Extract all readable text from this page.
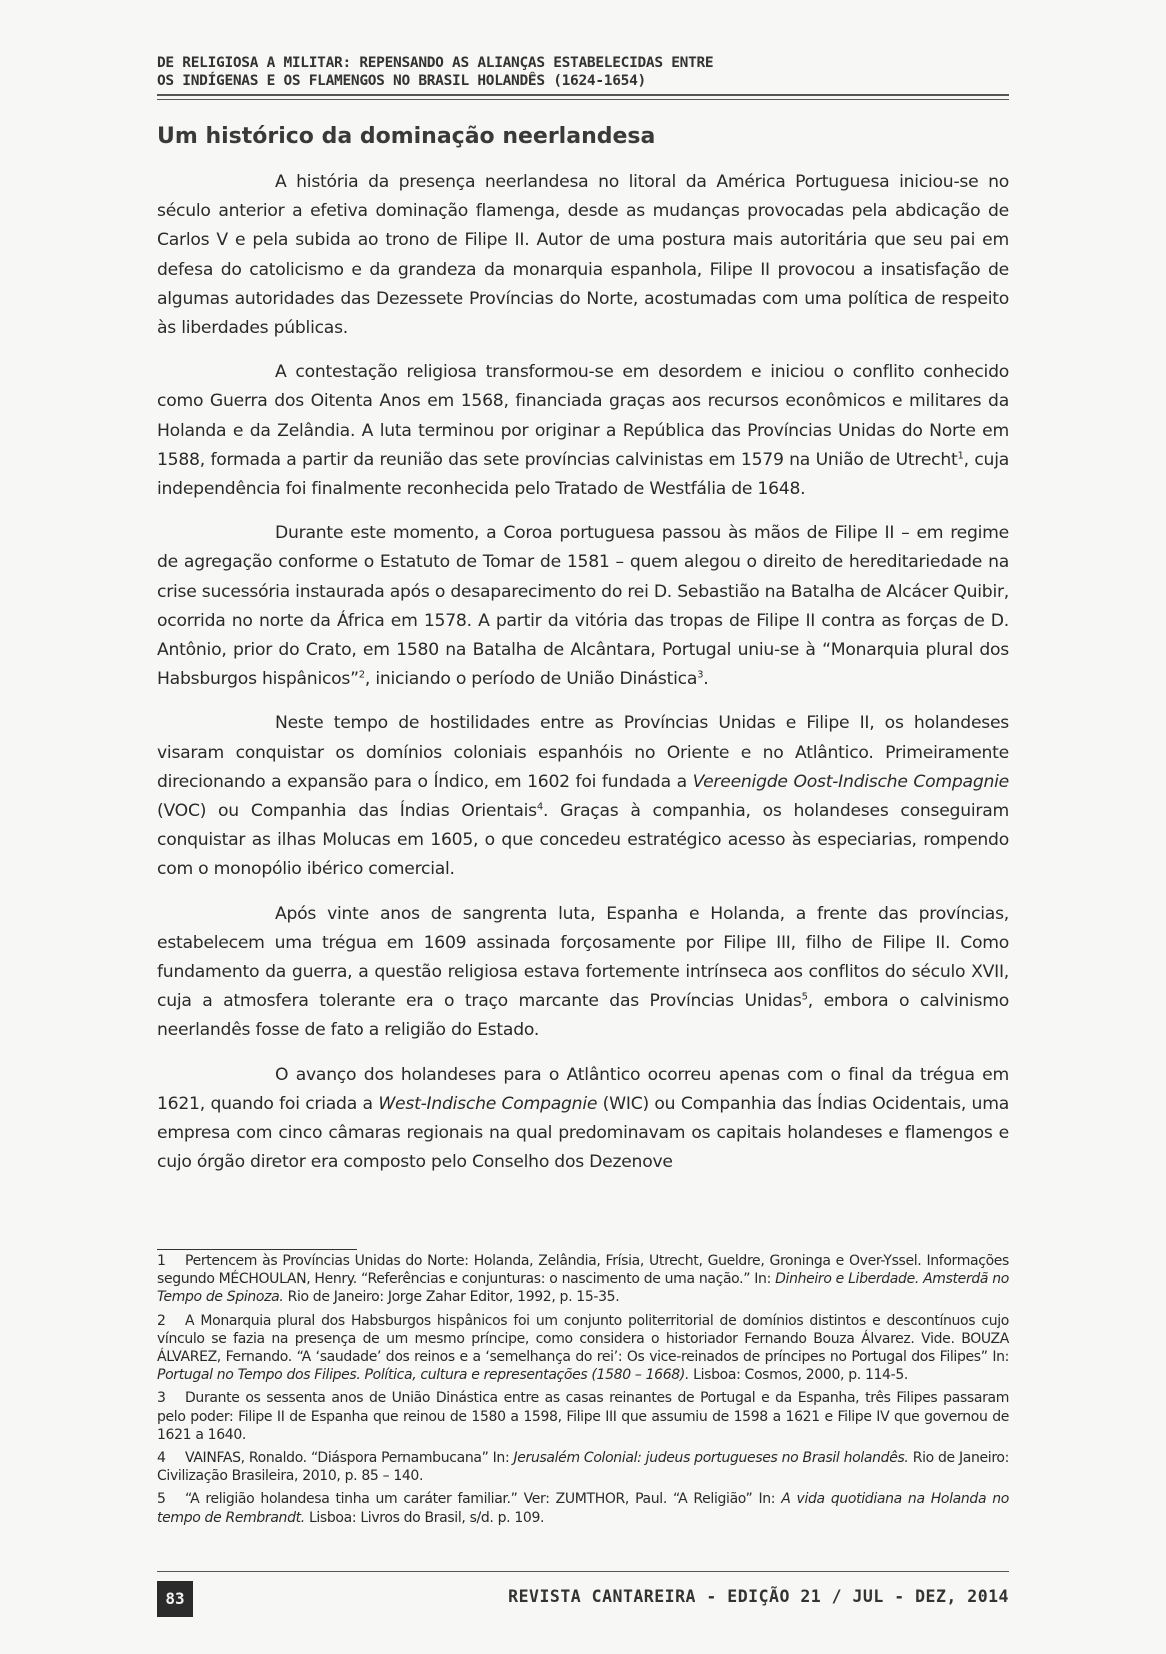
DE RELIGIOSA A MILITAR: REPENSANDO AS ALIANÇAS ESTABELECIDAS ENTRE
OS INDÍGENAS E OS FLAMENGOS NO BRASIL HOLANDÊS (1624-1654)
Um histórico da dominação neerlandesa

A história da presença neerlandesa no litoral da América Portuguesa iniciou-se no século anterior a efetiva dominação flamenga, desde as mudanças provocadas pela abdicação de Carlos V e pela subida ao trono de Filipe II. Autor de uma postura mais autoritária que seu pai em defesa do catolicismo e da grandeza da monarquia espanhola, Filipe II provocou a insatisfação de algumas autoridades das Dezessete Províncias do Norte, acostumadas com uma política de respeito às liberdades públicas.

A contestação religiosa transformou-se em desordem e iniciou o conflito conhecido como Guerra dos Oitenta Anos em 1568, financiada graças aos recursos econômicos e militares da Holanda e da Zelândia. A luta terminou por originar a República das Províncias Unidas do Norte em 1588, formada a partir da reunião das sete províncias calvinistas em 1579 na União de Utrecht$^1$, cuja independência foi finalmente reconhecida pelo Tratado de Westfália de 1648.

Durante este momento, a Coroa portuguesa passou às mãos de Filipe II – em regime de agregação conforme o Estatuto de Tomar de 1581 – quem alegou o direito de hereditariedade na crise sucessória instaurada após o desaparecimento do rei D. Sebastião na Batalha de Alcácer Quibir, ocorrida no norte da África em 1578. A partir da vitória das tropas de Filipe II contra as forças de D. Antônio, prior do Crato, em 1580 na Batalha de Alcântara, Portugal uniu-se à “Monarquia plural dos Habsburgos hispânicos”$^2$, iniciando o período de União Dinástica$^3$.

Neste tempo de hostilidades entre as Províncias Unidas e Filipe II, os holandeses visaram conquistar os domínios coloniais espanhóis no Oriente e no Atlântico. Primeiramente direcionando a expansão para o Índico, em 1602 foi fundada a Vereenigde Oost-Indische Compagnie (VOC) ou Companhia das Índias Orientais$^4$. Graças à companhia, os holandeses conseguiram conquistar as ilhas Molucas em 1605, o que concedeu estratégico acesso às especiarias, rompendo com o monopólio ibérico comercial.

Após vinte anos de sangrenta luta, Espanha e Holanda, a frente das províncias, estabelecem uma trégua em 1609 assinada forçosamente por Filipe III, filho de Filipe II. Como fundamento da guerra, a questão religiosa estava fortemente intrínseca aos conflitos do século XVII, cuja a atmosfera tolerante era o traço marcante das Províncias Unidas$^5$, embora o calvinismo neerlandês fosse de fato a religião do Estado.

O avanço dos holandeses para o Atlântico ocorreu apenas com o final da trégua em 1621, quando foi criada a West-Indische Compagnie (WIC) ou Companhia das Índias Ocidentais, uma empresa com cinco câmaras regionais na qual predominavam os capitais holandeses e flamengos e cujo órgão diretor era composto pelo Conselho dos Dezenove

1 Pertencem às Províncias Unidas do Norte: Holanda, Zelândia, Frísia, Utrecht, Gueldre, Groninga e Over-Yssel. Informações segundo MÉCHOULAN, Henry. “Referências e conjunturas: o nascimento de uma nação.” In: Dinheiro e Liberdade. Amsterdã no Tempo de Spinoza. Rio de Janeiro: Jorge Zahar Editor, 1992, p. 15-35.

2 A Monarquia plural dos Habsburgos hispânicos foi um conjunto politerritorial de domínios distintos e descontínuos cujo vínculo se fazia na presença de um mesmo príncipe, como considera o historiador Fernando Bouza Álvarez. Vide. BOUZA ÁLVAREZ, Fernando. “A ‘saudade’ dos reinos e a ‘semelhança do rei’: Os vice-reinados de príncipes no Portugal dos Filipes” In: Portugal no Tempo dos Filipes. Política, cultura e representações (1580 – 1668). Lisboa: Cosmos, 2000, p. 114-5.

3 Durante os sessenta anos de União Dinástica entre as casas reinantes de Portugal e da Espanha, três Filipes passaram pelo poder: Filipe II de Espanha que reinou de 1580 a 1598, Filipe III que assumiu de 1598 a 1621 e Filipe IV que governou de 1621 a 1640.

4 VAINFAS, Ronaldo. “Diáspora Pernambucana” In: Jerusalém Colonial: judeus portugueses no Brasil holandês. Rio de Janeiro: Civilização Brasileira, 2010, p. 85 – 140.

5 “A religião holandesa tinha um caráter familiar.” Ver: ZUMTHOR, Paul. “A Religião” In: A vida quotidiana na Holanda no tempo de Rembrandt. Lisboa: Livros do Brasil, s/d. p. 109.

83	REVISTA CANTAREIRA - EDIÇÃO 21 / JUL - DEZ, 2014
